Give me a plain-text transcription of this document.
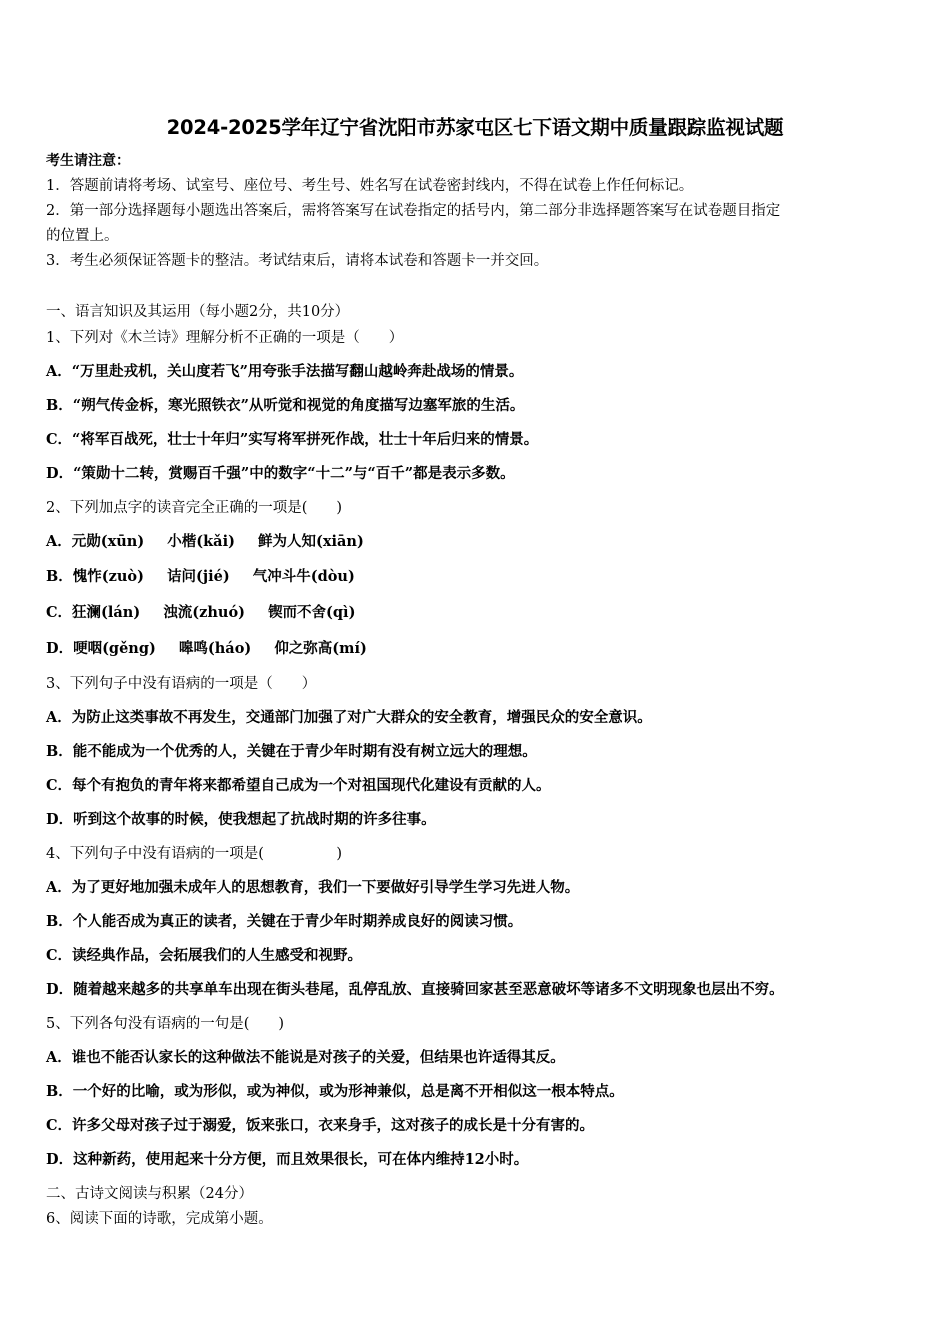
2024-2025学年辽宁省沈阳市苏家屯区七下语文期中质量跟踪监视试题
考生请注意：
1．答题前请将考场、试室号、座位号、考生号、姓名写在试卷密封线内，不得在试卷上作任何标记。
2．第一部分选择题每小题选出答案后，需将答案写在试卷指定的括号内，第二部分非选择题答案写在试卷题目指定
的位置上。
3．考生必须保证答题卡的整洁。考试结束后，请将本试卷和答题卡一并交回。
一、语言知识及其运用（每小题2分，共10分）
1、下列对《木兰诗》理解分析不正确的一项是（　　）
A．“万里赴戎机，关山度若飞”用夸张手法描写翻山越岭奔赴战场的情景。
B．“朔气传金柝，寒光照铁衣”从听觉和视觉的角度描写边塞军旅的生活。
C．“将军百战死，壮士十年归”实写将军拼死作战，壮士十年后归来的情景。
D．“策勋十二转，赏赐百千强”中的数字“十二”与“百千”都是表示多数。
2、下列加点字的读音完全正确的一项是(　　)
A．元勋(xūn) 小楷(kǎi) 鲜为人知(xiān)
B．愧怍(zuò) 诘问(jié) 气冲斗牛(dòu)
C．狂澜(lán) 浊流(zhuó) 锲而不舍(qì)
D．哽咽(gěng) 嗥鸣(háo) 仰之弥高(mí)
3、下列句子中没有语病的一项是（　　）
A．为防止这类事故不再发生，交通部门加强了对广大群众的安全教育，增强民众的安全意识。
B．能不能成为一个优秀的人，关键在于青少年时期有没有树立远大的理想。
C．每个有抱负的青年将来都希望自己成为一个对祖国现代化建设有贡献的人。
D．听到这个故事的时候，使我想起了抗战时期的许多往事。
4、下列句子中没有语病的一项是(　　　　　)
A．为了更好地加强未成年人的思想教育，我们一下要做好引导学生学习先进人物。
B．个人能否成为真正的读者，关键在于青少年时期养成良好的阅读习惯。
C．读经典作品，会拓展我们的人生感受和视野。
D．随着越来越多的共享单车出现在街头巷尾，乱停乱放、直接骑回家甚至恶意破坏等诸多不文明现象也层出不穷。
5、下列各句没有语病的一句是(　　)
A．谁也不能否认家长的这种做法不能说是对孩子的关爱，但结果也许适得其反。
B．一个好的比喻，或为形似，或为神似，或为形神兼似，总是离不开相似这一根本特点。
C．许多父母对孩子过于溺爱，饭来张口，衣来身手，这对孩子的成长是十分有害的。
D．这种新药，使用起来十分方便，而且效果很长，可在体内维持12小时。
二、古诗文阅读与积累（24分）
6、阅读下面的诗歌，完成第小题。
